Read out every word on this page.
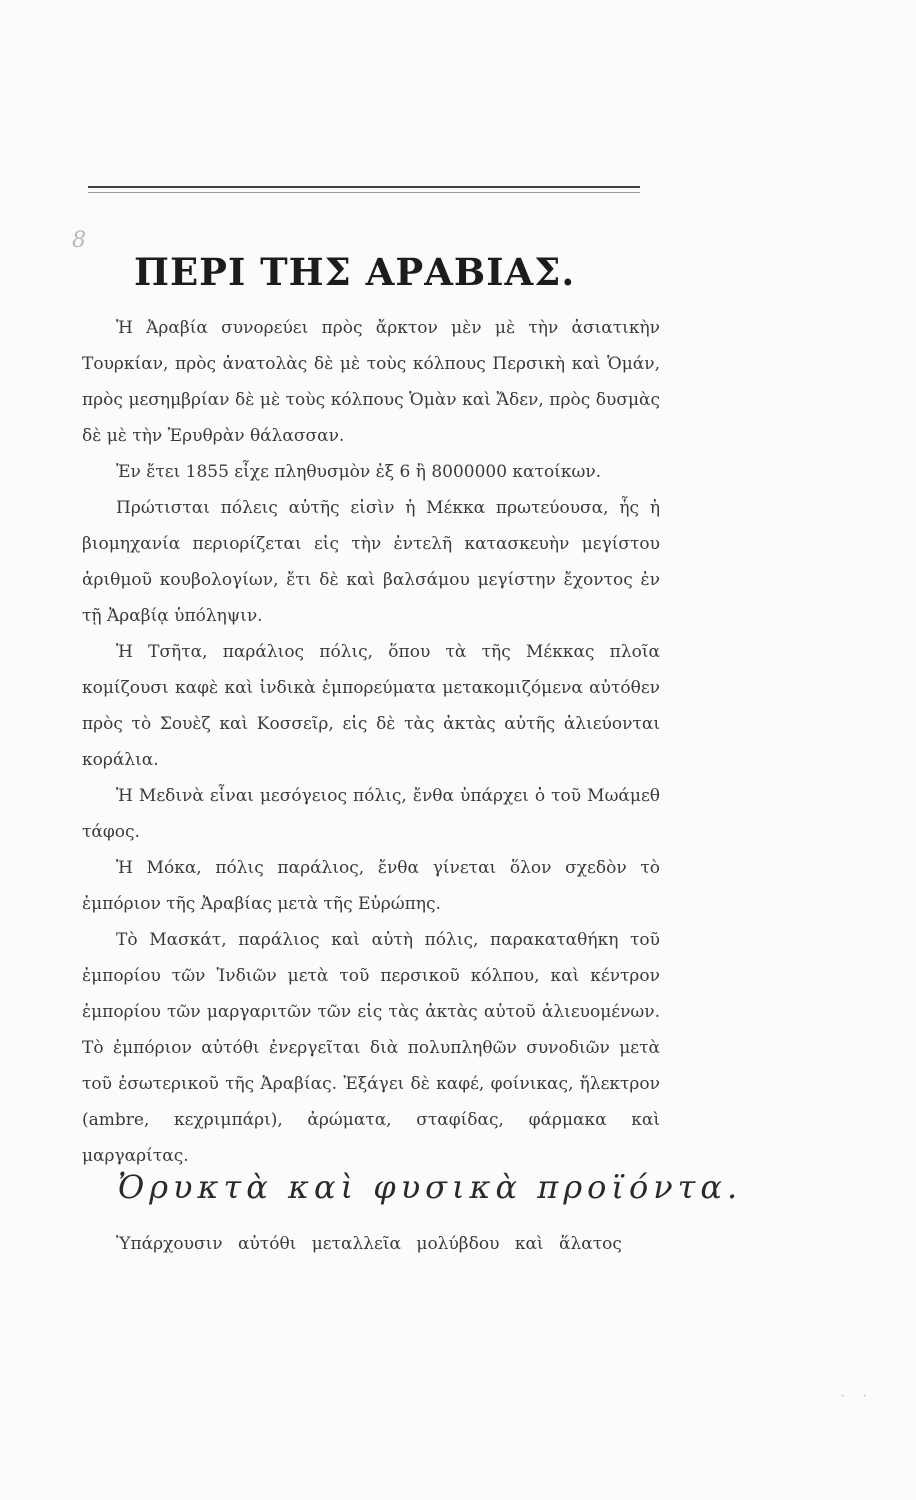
8
ΠΕΡΙ ΤΗΣ ΑΡΑΒΙΑΣ.

Ἡ Ἀραβία συνορεύει πρὸς ἄρκτον μὲν μὲ τὴν ἀσιατικὴν Τουρκίαν, πρὸς ἀνατολὰς δὲ μὲ τοὺς κόλπους Περσικὴ καὶ Ὁμάν, πρὸς μεσημβρίαν δὲ μὲ τοὺς κόλπους Ὁμὰν καὶ Ἄδεν, πρὸς δυσμὰς δὲ μὲ τὴν Ἐρυθρὰν θάλασσαν.

Ἐν ἔτει 1855 εἶχε πληθυσμὸν ἐξ 6 ἢ 8000000 κατοίκων.

Πρώτισται πόλεις αὐτῆς εἰσὶν ἡ Μέκκα πρωτεύουσα, ἧς ἡ βιομηχανία περιορίζεται εἰς τὴν ἐντελῆ κατασκευὴν μεγίστου ἀριθμοῦ κουβολογίων, ἔτι δὲ καὶ βαλσάμου μεγίστην ἔχοντος ἐν τῇ Ἀραβίᾳ ὑπόληψιν.

Ἡ Τσῆτα, παράλιος πόλις, ὅπου τὰ τῆς Μέκκας πλοῖα κομίζουσι καφὲ καὶ ἰνδικὰ ἐμπορεύματα μετακομιζόμενα αὐτόθεν πρὸς τὸ Σουὲζ καὶ Κοσσεῖρ, εἰς δὲ τὰς ἀκτὰς αὐτῆς ἁλιεύονται κοράλια.

Ἡ Μεδινὰ εἶναι μεσόγειος πόλις, ἔνθα ὑπάρχει ὁ τοῦ Μωάμεθ τάφος.

Ἡ Μόκα, πόλις παράλιος, ἔνθα γίνεται ὅλον σχεδὸν τὸ ἐμπόριον τῆς Ἀραβίας μετὰ τῆς Εὐρώπης.

Τὸ Μασκάτ, παράλιος καὶ αὐτὴ πόλις, παρακαταθήκη τοῦ ἐμπορίου τῶν Ἰνδιῶν μετὰ τοῦ περσικοῦ κόλπου, καὶ κέντρον ἐμπορίου τῶν μαργαριτῶν τῶν εἰς τὰς ἀκτὰς αὐτοῦ ἁλιευομένων. Τὸ ἐμπόριον αὐτόθι ἐνεργεῖται διὰ πολυπληθῶν συνοδιῶν μετὰ τοῦ ἐσωτερικοῦ τῆς Ἀραβίας. Ἐξάγει δὲ καφέ, φοίνικας, ἤλεκτρον (ambre, κεχριμπάρι), ἀρώματα, σταφίδας, φάρμακα καὶ μαργαρίτας.

Ὀρυκτὰ καὶ φυσικὰ προϊόντα.
Ὑπάρχουσιν αὐτόθι μεταλλεῖα μολύβδου καὶ ἅλατος
· ·
